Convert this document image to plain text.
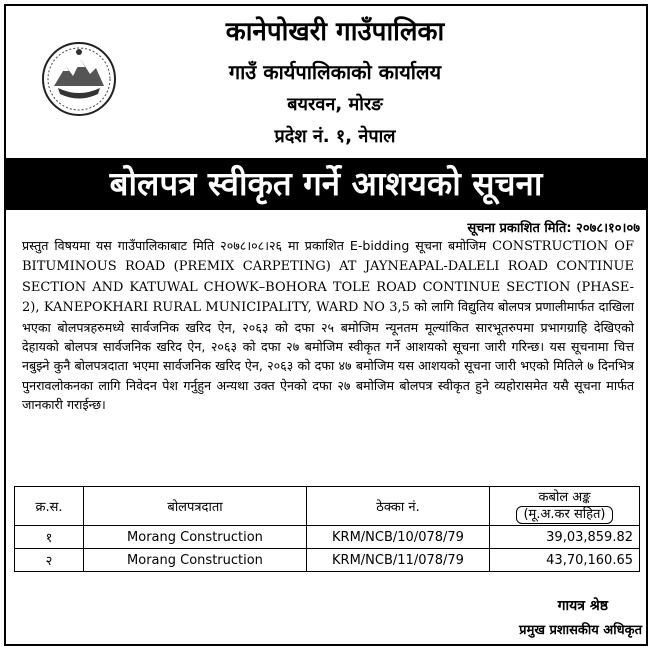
कानेपोखरी गाउँपालिका
गाउँ कार्यपालिकाको कार्यालय
बयरवन, मोरङ
प्रदेश नं. १, नेपाल
बोलपत्र स्वीकृत गर्ने आशयको सूचना
सूचना प्रकाशित मिति: २०७८।१०।०७
प्रस्तुत विषयमा यस गाउँपालिकाबाट मिति २०७८।०८।२६ मा प्रकाशित E-bidding सूचना बमोजिम CONSTRUCTION OF BITUMINOUS ROAD (PREMIX CARPETING) AT JAYNEAPAL-DALELI ROAD CONTINUE SECTION AND KATUWAL CHOWK–BOHORA TOLE ROAD CONTINUE SECTION (PHASE-2), KANEPOKHARI RURAL MUNICIPALITY, WARD NO 3,5 को लागि विद्युतिय बोलपत्र प्रणालीमार्फत दाखिला भएका बोलपत्रहरुमध्ये सार्वजनिक खरिद ऐन, २०६३ को दफा २५ बमोजिम न्यूनतम मूल्यांकित सारभूतरुपमा प्रभागग्राहि देखिएको देहायको बोलपत्र सार्वजनिक खरिद ऐन, २०६३ को दफा २७ बमोजिम स्वीकृत गर्ने आशयको सूचना जारी गरिन्छ। यस सूचनामा चित्त नबुझ्ने कुनै बोलपत्रदाता भएमा सार्वजनिक खरिद ऐन, २०६३ को दफा ४७ बमोजिम यस आशयको सूचना जारी भएको मितिले ७ दिनभित्र पुनरावलोकनका लागि निवेदन पेश गर्नुहुन अन्यथा उक्त ऐनको दफा २७ बमोजिम बोलपत्र स्वीकृत हुने व्यहोरासमेत यसै सूचना मार्फत जानकारी गराईन्छ।
क्र.स.	बोलपत्रदाता	ठेक्का नं.	कबोल अङ्क
(मू.अ.कर सहित)
१	Morang Construction	KRM/NCB/10/078/79	39,03,859.82
२	Morang Construction	KRM/NCB/11/078/79	43,70,160.65
गायत्र श्रेष्ठ
प्रमुख प्रशासकीय अधिकृत
